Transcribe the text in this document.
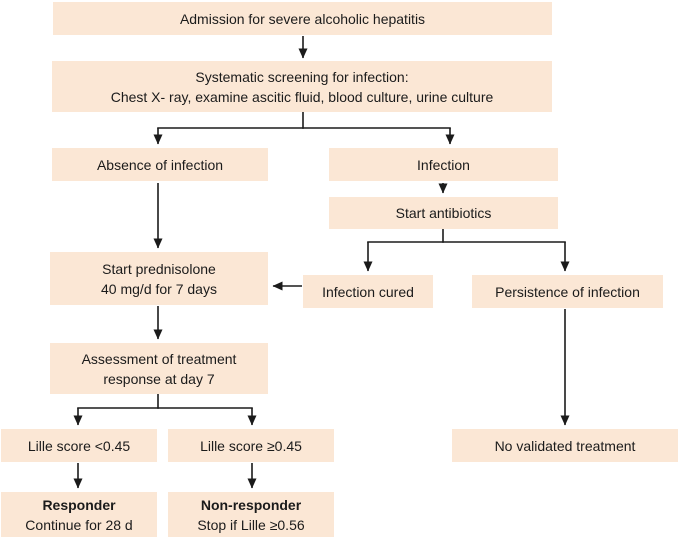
Admission for severe alcoholic hepatitis
Systematic screening for infection:
Chest X- ray, examine ascitic fluid, blood culture, urine culture
Absence of infection	Infection
Start antibiotics
Start prednisolone
40 mg/d for 7 days	Infection cured	Persistence of infection
Assessment of treatment
response at day 7
Lille score <0.45	Lille score ≥0.45	No validated treatment
Responder
Continue for 28 d
Non-responder
Stop if Lille ≥0.56
